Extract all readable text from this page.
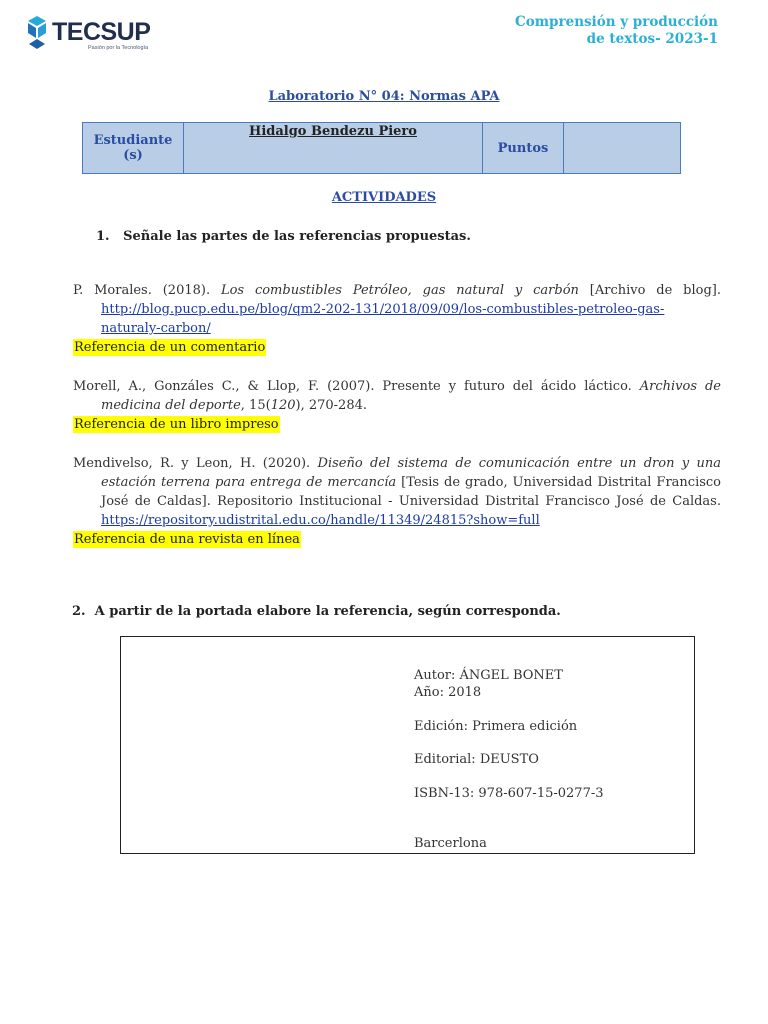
TECSUP
Pasión por la Tecnología
Comprensión y producción
de textos- 2023-1
Laboratorio N° 04: Normas APA
Estudiante
(s)
	Hidalgo Bendezu Piero	Puntos	
ACTIVIDADES
1.   Señale las partes de las referencias propuestas.
P. Morales. (2018). Los combustibles Petróleo, gas natural y carbón [Archivo de blog]. http://blog.pucp.edu.pe/blog/qm2-202-131/2018/09/09/los-combustibles-petroleo-gas-naturaly-carbon/
Referencia de un comentario
Morell, A., Gonzáles C., & Llop, F. (2007). Presente y futuro del ácido láctico. Archivos de medicina del deporte, 15(120), 270-284.
Referencia de un libro impreso
Mendivelso, R. y Leon, H. (2020). Diseño del sistema de comunicación entre un dron y una estación terrena para entrega de mercancía [Tesis de grado, Universidad Distrital Francisco José de Caldas]. Repositorio Institucional - Universidad Distrital Francisco José de Caldas. https://repository.udistrital.edu.co/handle/11349/24815?show=full
Referencia de una revista en línea
2.  A partir de la portada elabore la referencia, según corresponda.
Autor: ÁNGEL BONET
Año: 2018
Edición: Primera edición
Editorial: DEUSTO
ISBN-13: 978-607-15-0277-3
Barcerlona
